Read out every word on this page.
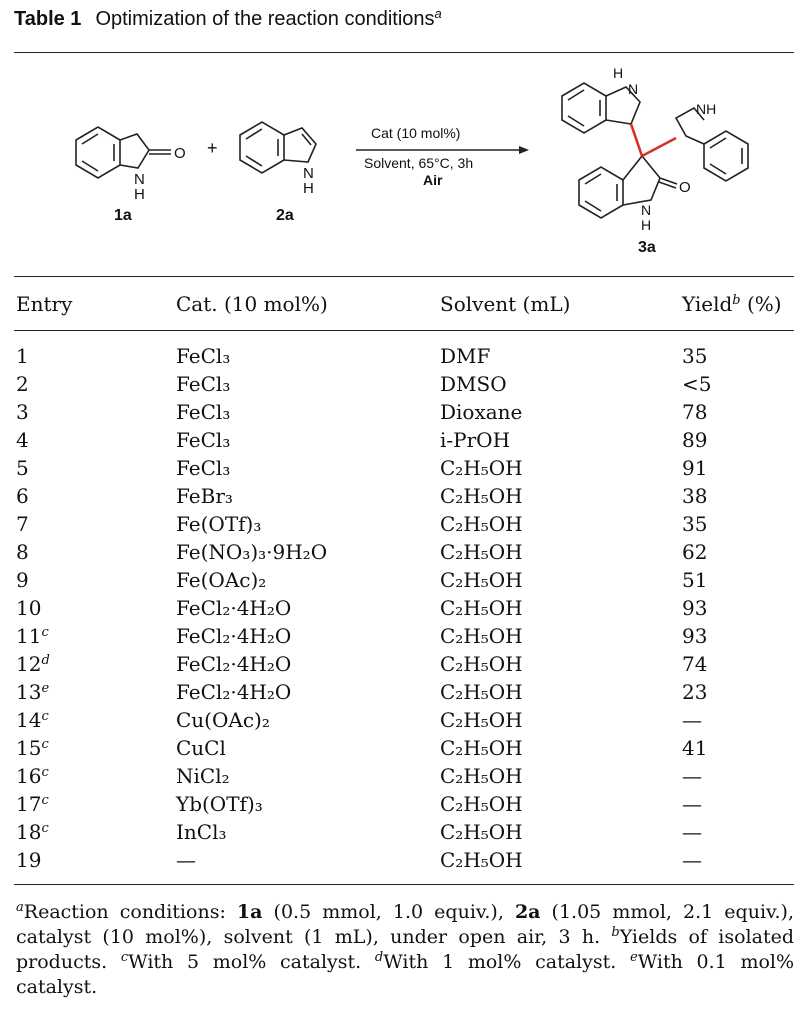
Table 1 Optimization of the reaction conditions$^a$
O
N
H
1a
+
N
H
2a
Cat (10 mol%)
Solvent, 65°C, 3h
Air
H
N
NH
O
N
H
3a
Entry	Cat. (10 mol%)	Solvent (mL)	Yield$^b$ (%)
1	FeCl₃	DMF	35
2	FeCl₃	DMSO	<5
3	FeCl₃	Dioxane	78
4	FeCl₃	i-PrOH	89
5	FeCl₃	C₂H₅OH	91
6	FeBr₃	C₂H₅OH	38
7	Fe(OTf)₃	C₂H₅OH	35
8	Fe(NO₃)₃·9H₂O	C₂H₅OH	62
9	Fe(OAc)₂	C₂H₅OH	51
10	FeCl₂·4H₂O	C₂H₅OH	93
11$^c$	FeCl₂·4H₂O	C₂H₅OH	93
12$^d$	FeCl₂·4H₂O	C₂H₅OH	74
13e	FeCl₂·4H₂O	C₂H₅OH	23
14$^c$	Cu(OAc)₂	C₂H₅OH	—
15$^c$	CuCl	C₂H₅OH	41
16$^c$	NiCl₂	C₂H₅OH	—
17$^c$	Yb(OTf)₃	C₂H₅OH	—
18$^c$	InCl₃	C₂H₅OH	—
19	—	C₂H₅OH	—
$^a$Reaction conditions: 1a (0.5 mmol, 1.0 equiv.), 2a (1.05 mmol, 2.1 equiv.), catalyst (10 mol%), solvent (1 mL), under open air, 3 h. $^b$Yields of isolated products. $^c$With 5 mol% catalyst. $^d$With 1 mol% catalyst. $^e$With 0.1 mol% catalyst.
